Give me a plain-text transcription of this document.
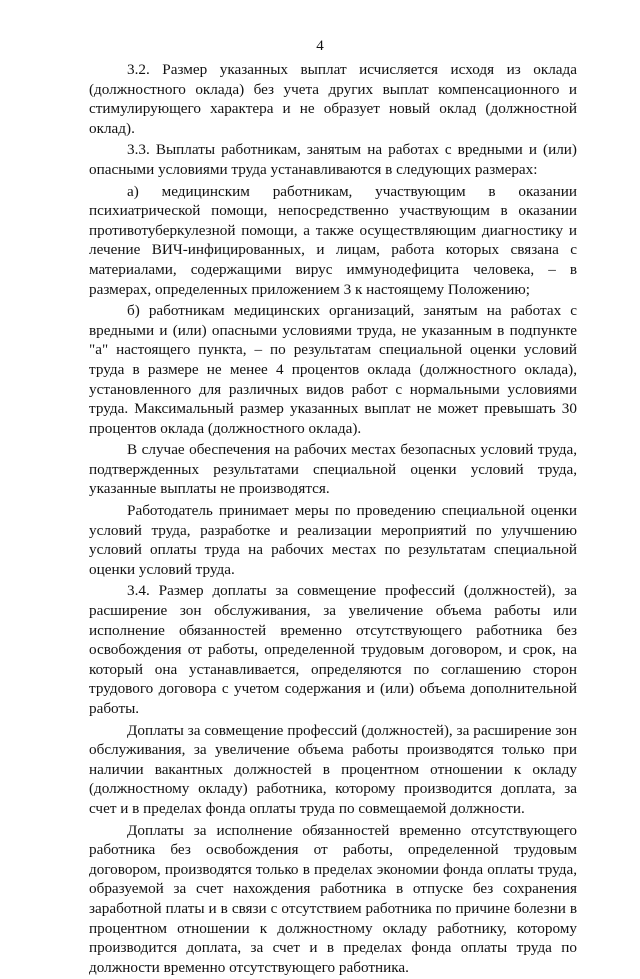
4

3.2. Размер указанных выплат исчисляется исходя из оклада (должностного оклада) без учета других выплат компенсационного и стимулирующего характера и не образует новый оклад (должностной оклад).

3.3. Выплаты работникам, занятым на работах с вредными и (или) опасными условиями труда устанавливаются в следующих размерах:

а) медицинским работникам, участвующим в оказании психиатрической помощи, непосредственно участвующим в оказании противотуберкулезной помощи, а также осуществляющим диагностику и лечение ВИЧ-инфицированных, и лицам, работа которых связана с материалами, содержащими вирус иммунодефицита человека, – в размерах, определенных приложением 3 к настоящему Положению;

б) работникам медицинских организаций, занятым на работах с вредными и (или) опасными условиями труда, не указанным в подпункте "а" настоящего пункта, – по результатам специальной оценки условий труда в размере не менее 4 процентов оклада (должностного оклада), установленного для различных видов работ с нормальными условиями труда. Максимальный размер указанных выплат не может превышать 30 процентов оклада (должностного оклада).

В случае обеспечения на рабочих местах безопасных условий труда, подтвержденных результатами специальной оценки условий труда, указанные выплаты не производятся.

Работодатель принимает меры по проведению специальной оценки условий труда, разработке и реализации мероприятий по улучшению условий оплаты труда на рабочих местах по результатам специальной оценки условий труда.

3.4. Размер доплаты за совмещение профессий (должностей), за расширение зон обслуживания, за увеличение объема работы или исполнение обязанностей временно отсутствующего работника без освобождения от работы, определенной трудовым договором, и срок, на который она устанавливается, определяются по соглашению сторон трудового договора с учетом содержания и (или) объема дополнительной работы.

Доплаты за совмещение профессий (должностей), за расширение зон обслуживания, за увеличение объема работы производятся только при наличии вакантных должностей в процентном отношении к окладу (должностному окладу) работника, которому производится доплата, за счет и в пределах фонда оплаты труда по совмещаемой должности.

Доплаты за исполнение обязанностей временно отсутствующего работника без освобождения от работы, определенной трудовым договором, производятся только в пределах экономии фонда оплаты труда, образуемой за счет нахождения работника в отпуске без сохранения заработной платы и в связи с отсутствием работника по причине болезни в процентном отношении к должностному окладу работнику, которому производится доплата, за счет и в пределах фонда оплаты труда по должности временно отсутствующего работника.
